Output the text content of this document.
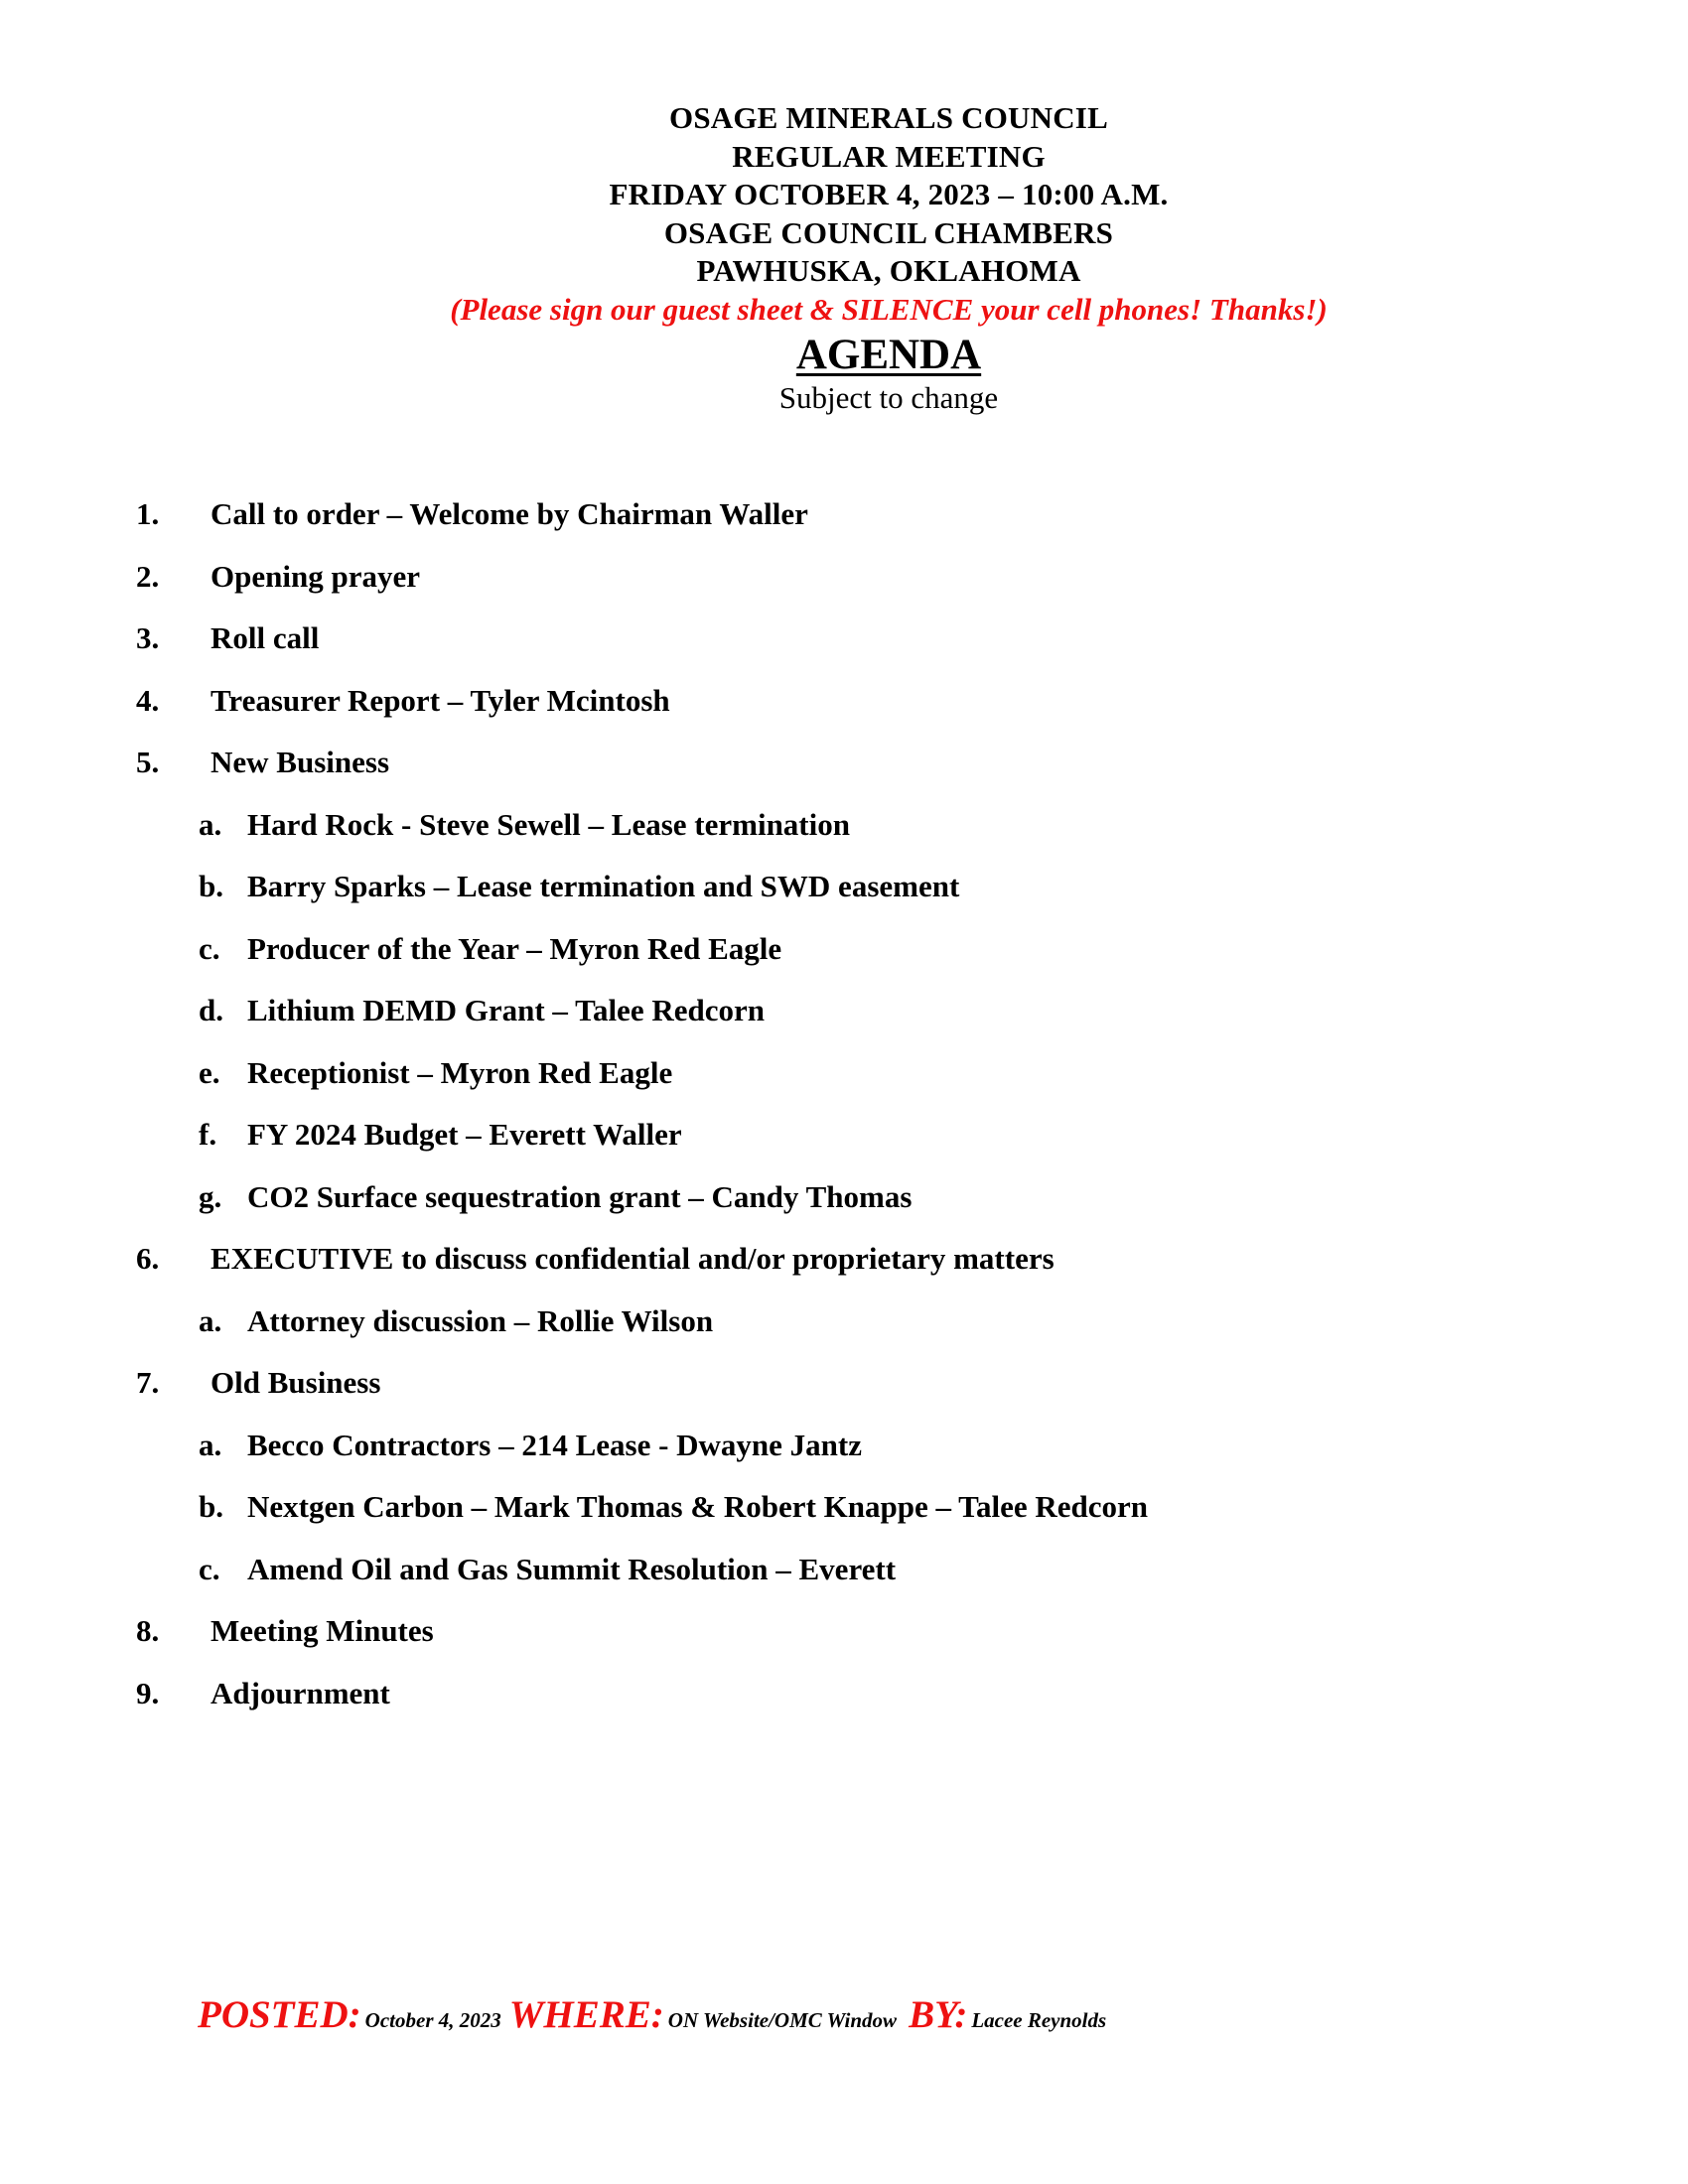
OSAGE MINERALS COUNCIL
REGULAR MEETING
FRIDAY OCTOBER 4, 2023 – 10:00 A.M.
OSAGE COUNCIL CHAMBERS
PAWHUSKA, OKLAHOMA
(Please sign our guest sheet & SILENCE your cell phones! Thanks!)
AGENDA
Subject to change
1. Call to order – Welcome by Chairman Waller
2. Opening prayer
3. Roll call
4. Treasurer Report – Tyler Mcintosh
5. New Business
a. Hard Rock - Steve Sewell – Lease termination
b. Barry Sparks – Lease termination and SWD easement
c. Producer of the Year – Myron Red Eagle
d. Lithium DEMD Grant – Talee Redcorn
e. Receptionist – Myron Red Eagle
f. FY 2024 Budget – Everett Waller
g. CO2 Surface sequestration grant – Candy Thomas
6. EXECUTIVE to discuss confidential and/or proprietary matters
a. Attorney discussion – Rollie Wilson
7. Old Business
a. Becco Contractors – 214 Lease - Dwayne Jantz
b. Nextgen Carbon – Mark Thomas & Robert Knappe – Talee Redcorn
c. Amend Oil and Gas Summit Resolution – Everett
8. Meeting Minutes
9. Adjournment
POSTED: October 4, 2023 WHERE: ON Website/OMC Window BY: Lacee Reynolds
